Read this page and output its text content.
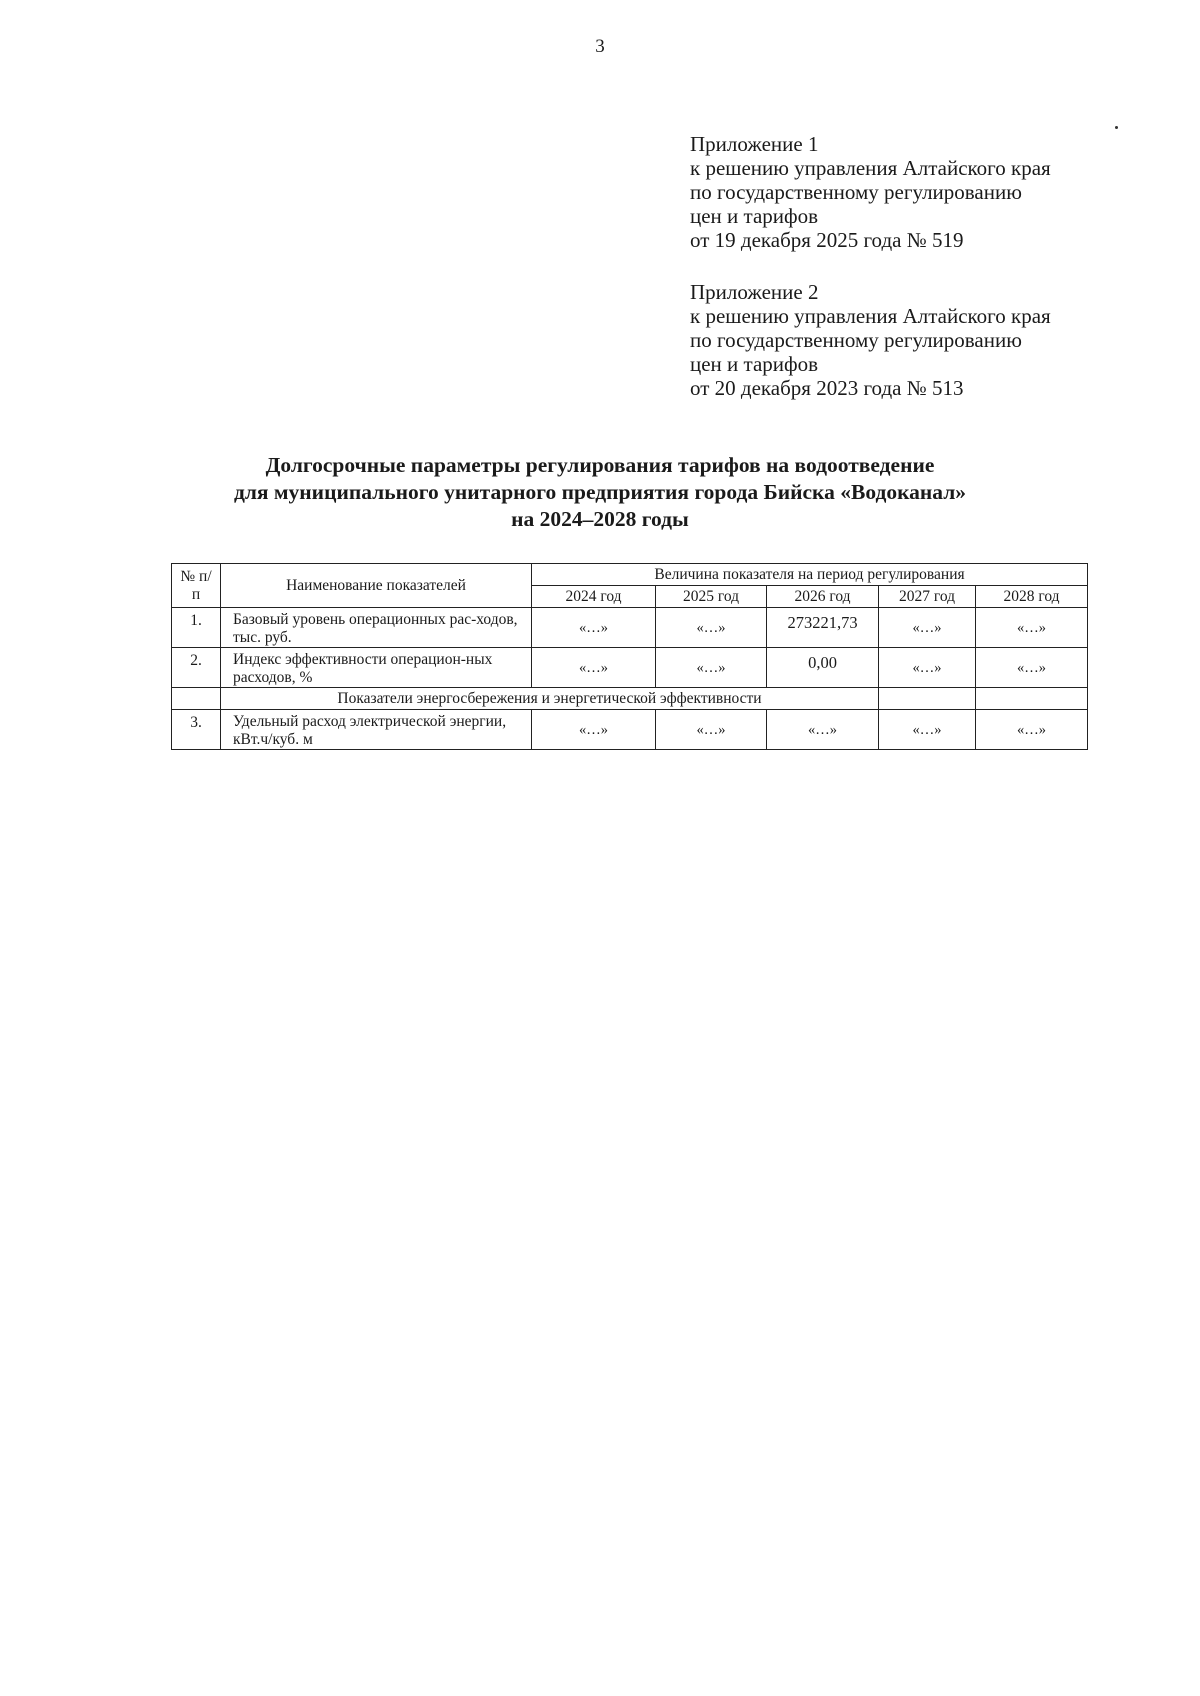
3
Приложение 1
к решению управления Алтайского края
по государственному регулированию
цен и тарифов
от 19 декабря 2025 года № 519
Приложение 2
к решению управления Алтайского края
по государственному регулированию
цен и тарифов
от 20 декабря 2023 года № 513
Долгосрочные параметры регулирования тарифов на водоотведение
для муниципального унитарного предприятия города Бийска «Водоканал»
на 2024–2028 годы
№ п/п	Наименование показателей	Величина показателя на период регулирования				
		2024 год	2025 год	2026 год	2027 год	2028 год
1.	Базовый уровень операционных рас-ходов, тыс. руб.	«…»	«…»	273221,73	«…»	«…»
2.	Индекс эффективности операцион-ных расходов, %	«…»	«…»	0,00	«…»	«…»
	Показатели энергосбережения и энергетической эффективности					
3.	Удельный расход электрической энергии, кВт.ч/куб. м	«…»	«…»	«…»	«…»	«…»
